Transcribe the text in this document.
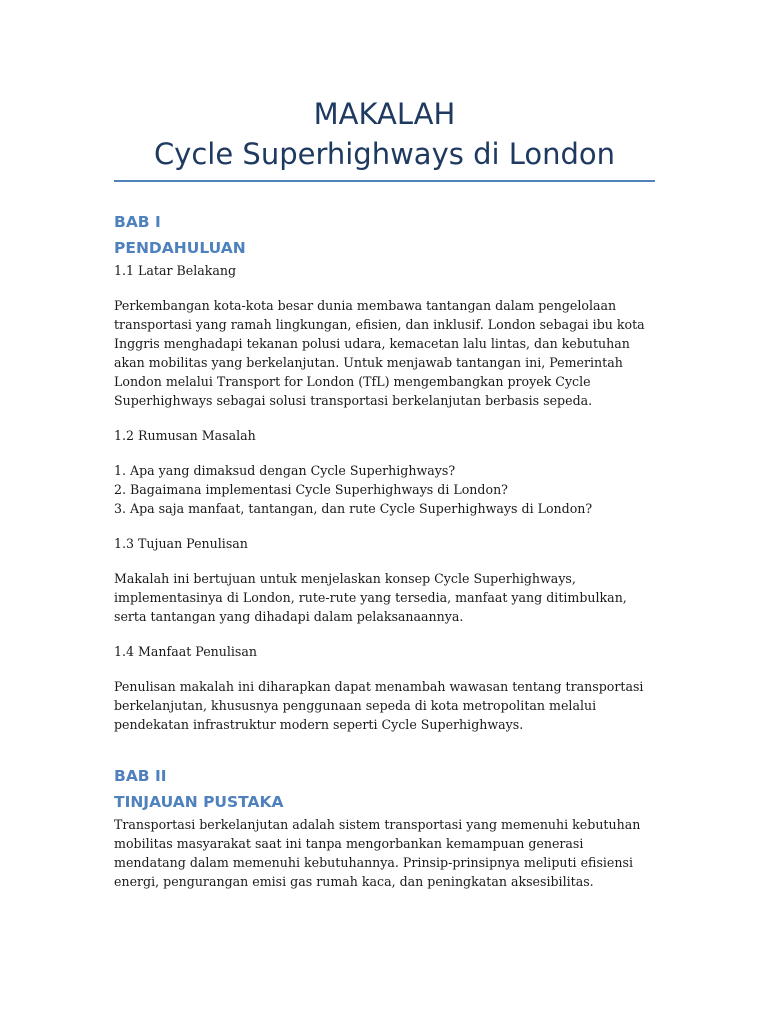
MAKALAH
Cycle Superhighways di London

BAB I

PENDAHULUAN

1.1 Latar Belakang

Perkembangan kota-kota besar dunia membawa tantangan dalam pengelolaan transportasi yang ramah lingkungan, efisien, dan inklusif. London sebagai ibu kota Inggris menghadapi tekanan polusi udara, kemacetan lalu lintas, dan kebutuhan akan mobilitas yang berkelanjutan. Untuk menjawab tantangan ini, Pemerintah London melalui Transport for London (TfL) mengembangkan proyek Cycle Superhighways sebagai solusi transportasi berkelanjutan berbasis sepeda.

1.2 Rumusan Masalah

1. Apa yang dimaksud dengan Cycle Superhighways?
2. Bagaimana implementasi Cycle Superhighways di London?
3. Apa saja manfaat, tantangan, dan rute Cycle Superhighways di London?

1.3 Tujuan Penulisan

Makalah ini bertujuan untuk menjelaskan konsep Cycle Superhighways, implementasinya di London, rute-rute yang tersedia, manfaat yang ditimbulkan, serta tantangan yang dihadapi dalam pelaksanaannya.

1.4 Manfaat Penulisan

Penulisan makalah ini diharapkan dapat menambah wawasan tentang transportasi berkelanjutan, khususnya penggunaan sepeda di kota metropolitan melalui pendekatan infrastruktur modern seperti Cycle Superhighways.

BAB II

TINJAUAN PUSTAKA

Transportasi berkelanjutan adalah sistem transportasi yang memenuhi kebutuhan mobilitas masyarakat saat ini tanpa mengorbankan kemampuan generasi mendatang dalam memenuhi kebutuhannya. Prinsip-prinsipnya meliputi efisiensi energi, pengurangan emisi gas rumah kaca, dan peningkatan aksesibilitas.
